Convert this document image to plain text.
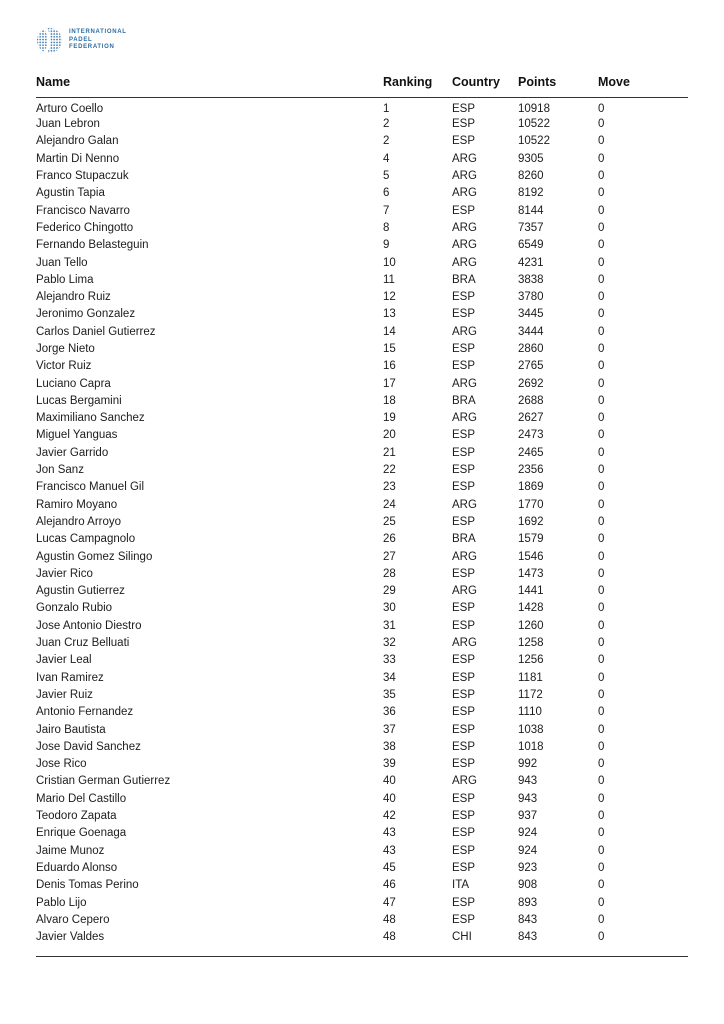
INTERNATIONAL
PADEL
FEDERATION
Name	Ranking	Country	Points	Move
Arturo Coello	1	ESP	10918	0
Juan Lebron	2	ESP	10522	0
Alejandro Galan	2	ESP	10522	0
Martin Di Nenno	4	ARG	9305	0
Franco Stupaczuk	5	ARG	8260	0
Agustin Tapia	6	ARG	8192	0
Francisco Navarro	7	ESP	8144	0
Federico Chingotto	8	ARG	7357	0
Fernando Belasteguin	9	ARG	6549	0
Juan Tello	10	ARG	4231	0
Pablo Lima	11	BRA	3838	0
Alejandro Ruiz	12	ESP	3780	0
Jeronimo Gonzalez	13	ESP	3445	0
Carlos Daniel Gutierrez	14	ARG	3444	0
Jorge Nieto	15	ESP	2860	0
Victor Ruiz	16	ESP	2765	0
Luciano Capra	17	ARG	2692	0
Lucas Bergamini	18	BRA	2688	0
Maximiliano Sanchez	19	ARG	2627	0
Miguel Yanguas	20	ESP	2473	0
Javier Garrido	21	ESP	2465	0
Jon Sanz	22	ESP	2356	0
Francisco Manuel Gil	23	ESP	1869	0
Ramiro Moyano	24	ARG	1770	0
Alejandro Arroyo	25	ESP	1692	0
Lucas Campagnolo	26	BRA	1579	0
Agustin Gomez Silingo	27	ARG	1546	0
Javier Rico	28	ESP	1473	0
Agustin Gutierrez	29	ARG	1441	0
Gonzalo Rubio	30	ESP	1428	0
Jose Antonio Diestro	31	ESP	1260	0
Juan Cruz Belluati	32	ARG	1258	0
Javier Leal	33	ESP	1256	0
Ivan Ramirez	34	ESP	1181	0
Javier Ruiz	35	ESP	1172	0
Antonio Fernandez	36	ESP	1110	0
Jairo Bautista	37	ESP	1038	0
Jose David Sanchez	38	ESP	1018	0
Jose Rico	39	ESP	992	0
Cristian German Gutierrez	40	ARG	943	0
Mario Del Castillo	40	ESP	943	0
Teodoro Zapata	42	ESP	937	0
Enrique Goenaga	43	ESP	924	0
Jaime Munoz	43	ESP	924	0
Eduardo Alonso	45	ESP	923	0
Denis Tomas Perino	46	ITA	908	0
Pablo Lijo	47	ESP	893	0
Alvaro Cepero	48	ESP	843	0
Javier Valdes	48	CHI	843	0
